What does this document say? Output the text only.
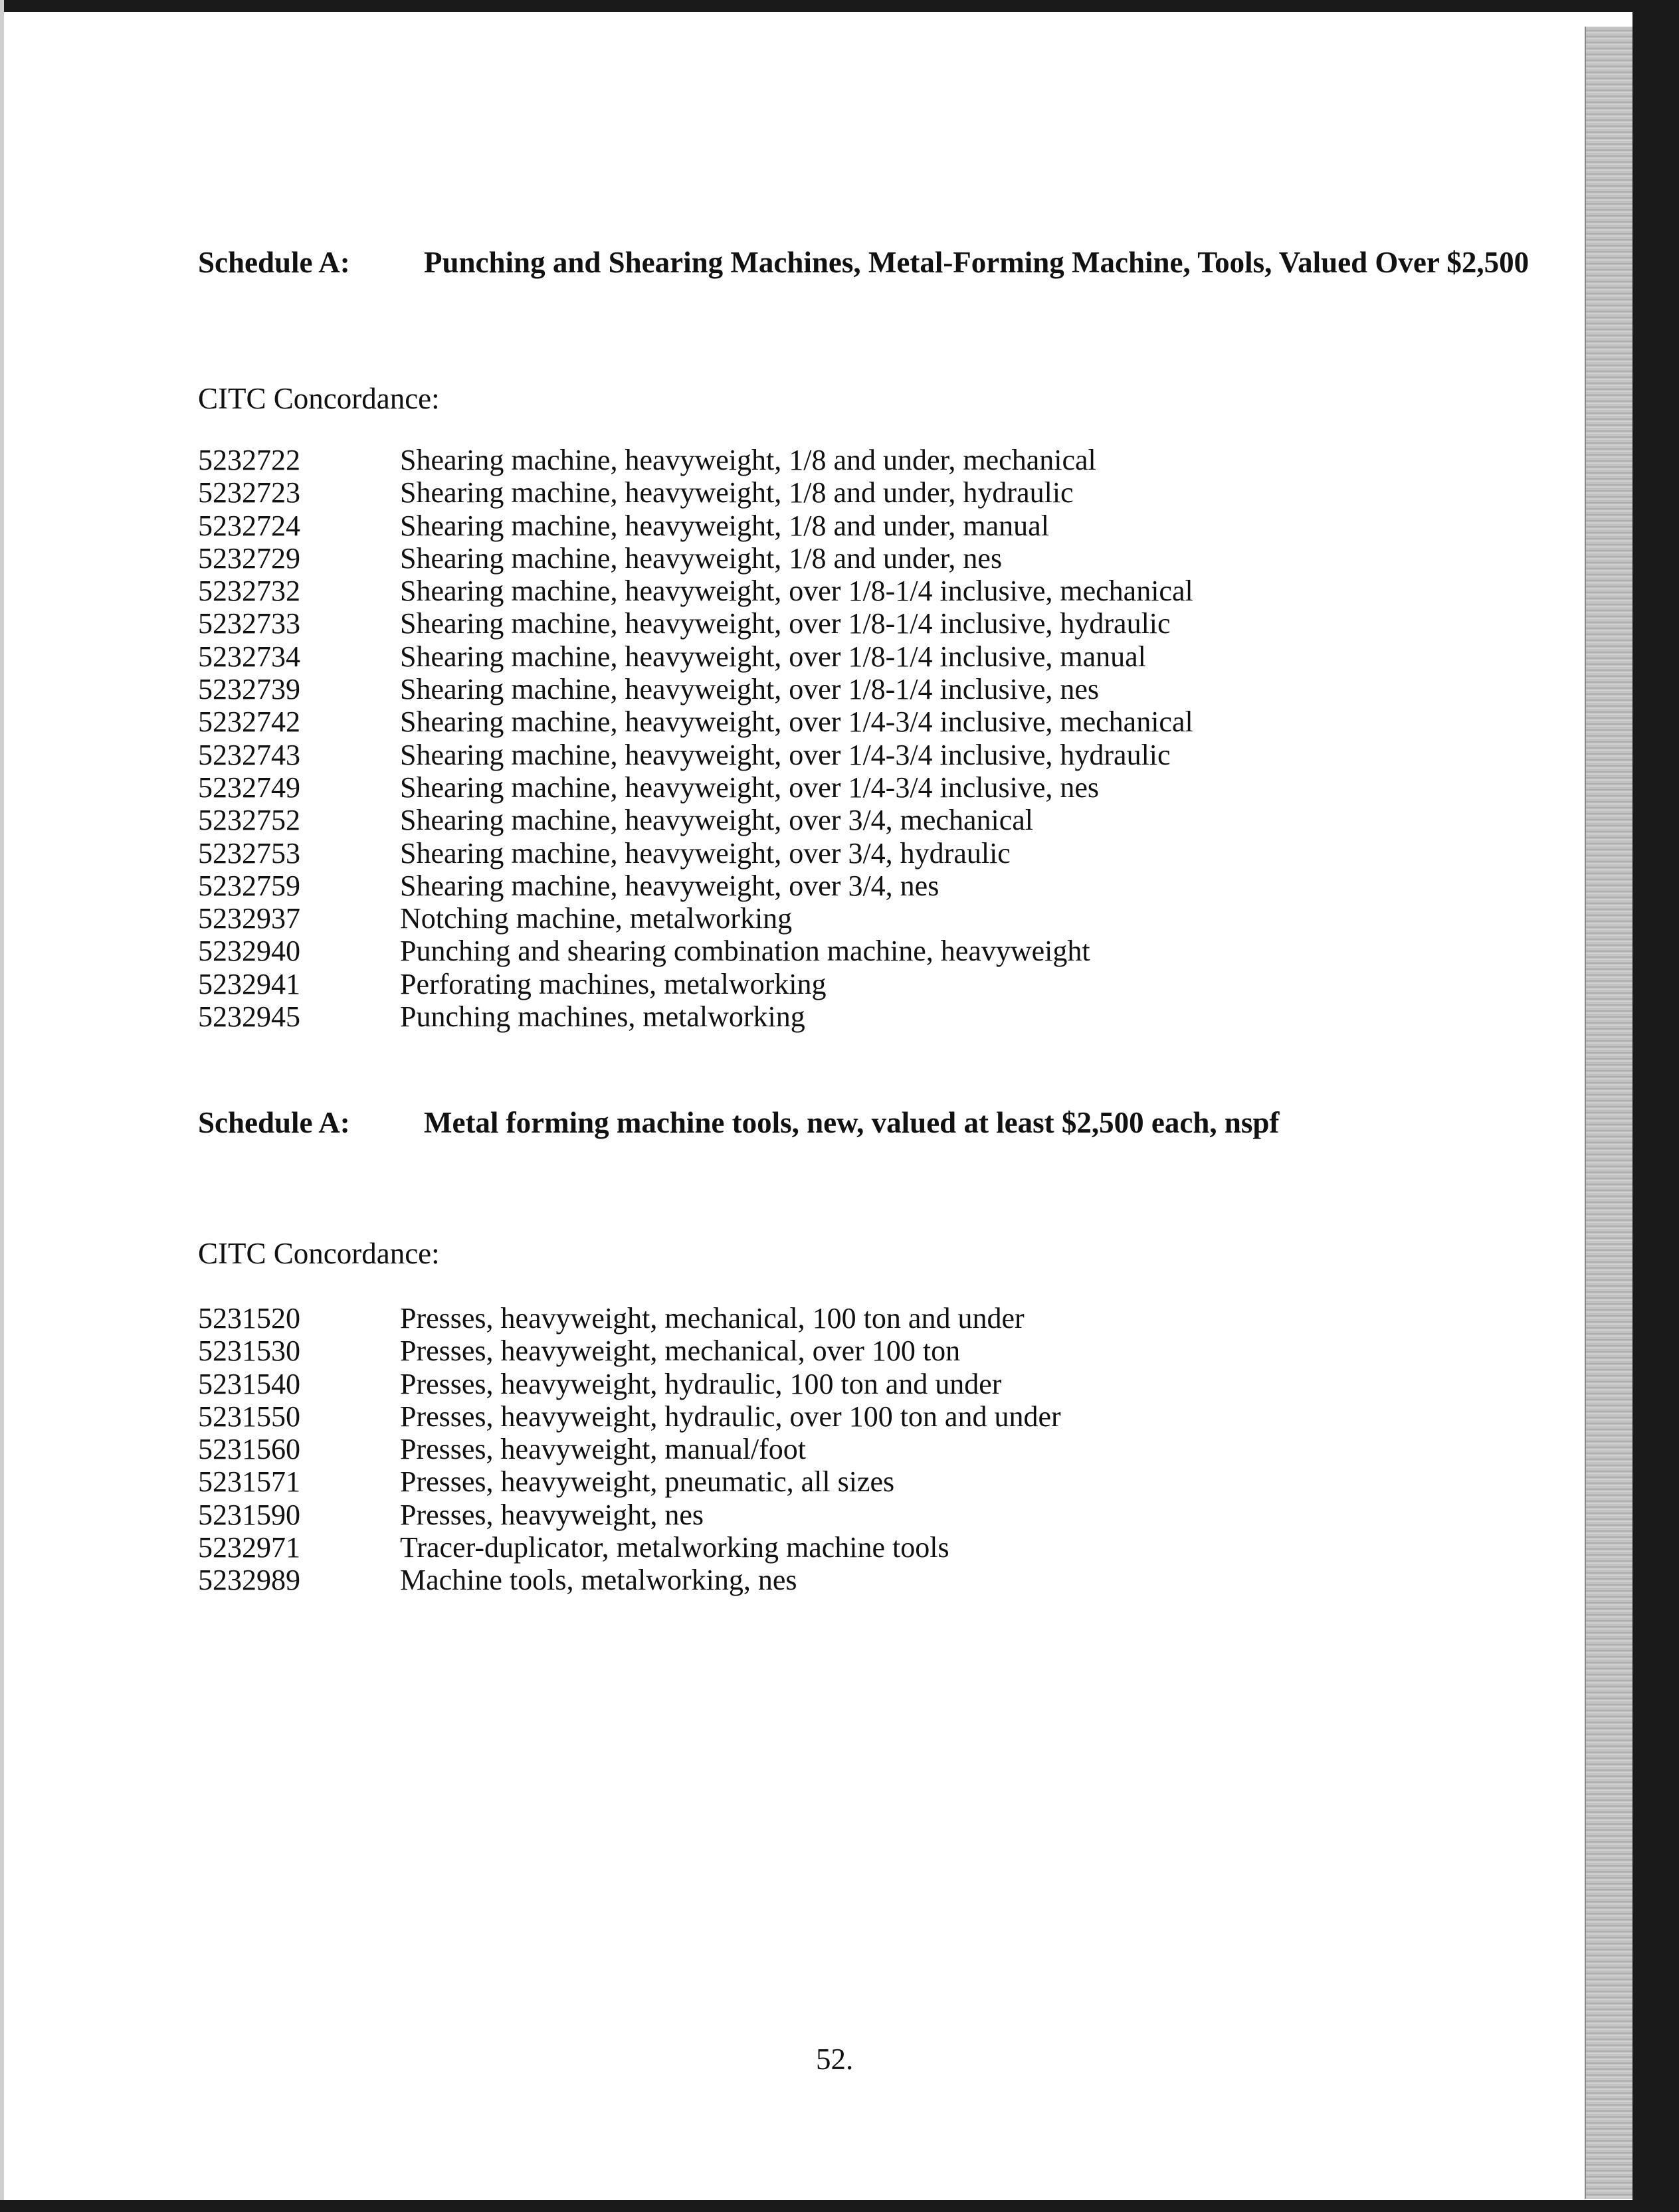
Schedule A: Punching and Shearing Machines, Metal-Forming Machine, Tools, Valued Over $2,500
CITC Concordance:
5232722	Shearing machine, heavyweight, 1/8 and under, mechanical
5232723	Shearing machine, heavyweight, 1/8 and under, hydraulic
5232724	Shearing machine, heavyweight, 1/8 and under, manual
5232729	Shearing machine, heavyweight, 1/8 and under, nes
5232732	Shearing machine, heavyweight, over 1/8-1/4 inclusive, mechanical
5232733	Shearing machine, heavyweight, over 1/8-1/4 inclusive, hydraulic
5232734	Shearing machine, heavyweight, over 1/8-1/4 inclusive, manual
5232739	Shearing machine, heavyweight, over 1/8-1/4 inclusive, nes
5232742	Shearing machine, heavyweight, over 1/4-3/4 inclusive, mechanical
5232743	Shearing machine, heavyweight, over 1/4-3/4 inclusive, hydraulic
5232749	Shearing machine, heavyweight, over 1/4-3/4 inclusive, nes
5232752	Shearing machine, heavyweight, over 3/4, mechanical
5232753	Shearing machine, heavyweight, over 3/4, hydraulic
5232759	Shearing machine, heavyweight, over 3/4, nes
5232937	Notching machine, metalworking
5232940	Punching and shearing combination machine, heavyweight
5232941	Perforating machines, metalworking
5232945	Punching machines, metalworking
Schedule A: Metal forming machine tools, new, valued at least $2,500 each, nspf
CITC Concordance:
5231520	Presses, heavyweight, mechanical, 100 ton and under
5231530	Presses, heavyweight, mechanical, over 100 ton
5231540	Presses, heavyweight, hydraulic, 100 ton and under
5231550	Presses, heavyweight, hydraulic, over 100 ton and under
5231560	Presses, heavyweight, manual/foot
5231571	Presses, heavyweight, pneumatic, all sizes
5231590	Presses, heavyweight, nes
5232971	Tracer-duplicator, metalworking machine tools
5232989	Machine tools, metalworking, nes
52.
